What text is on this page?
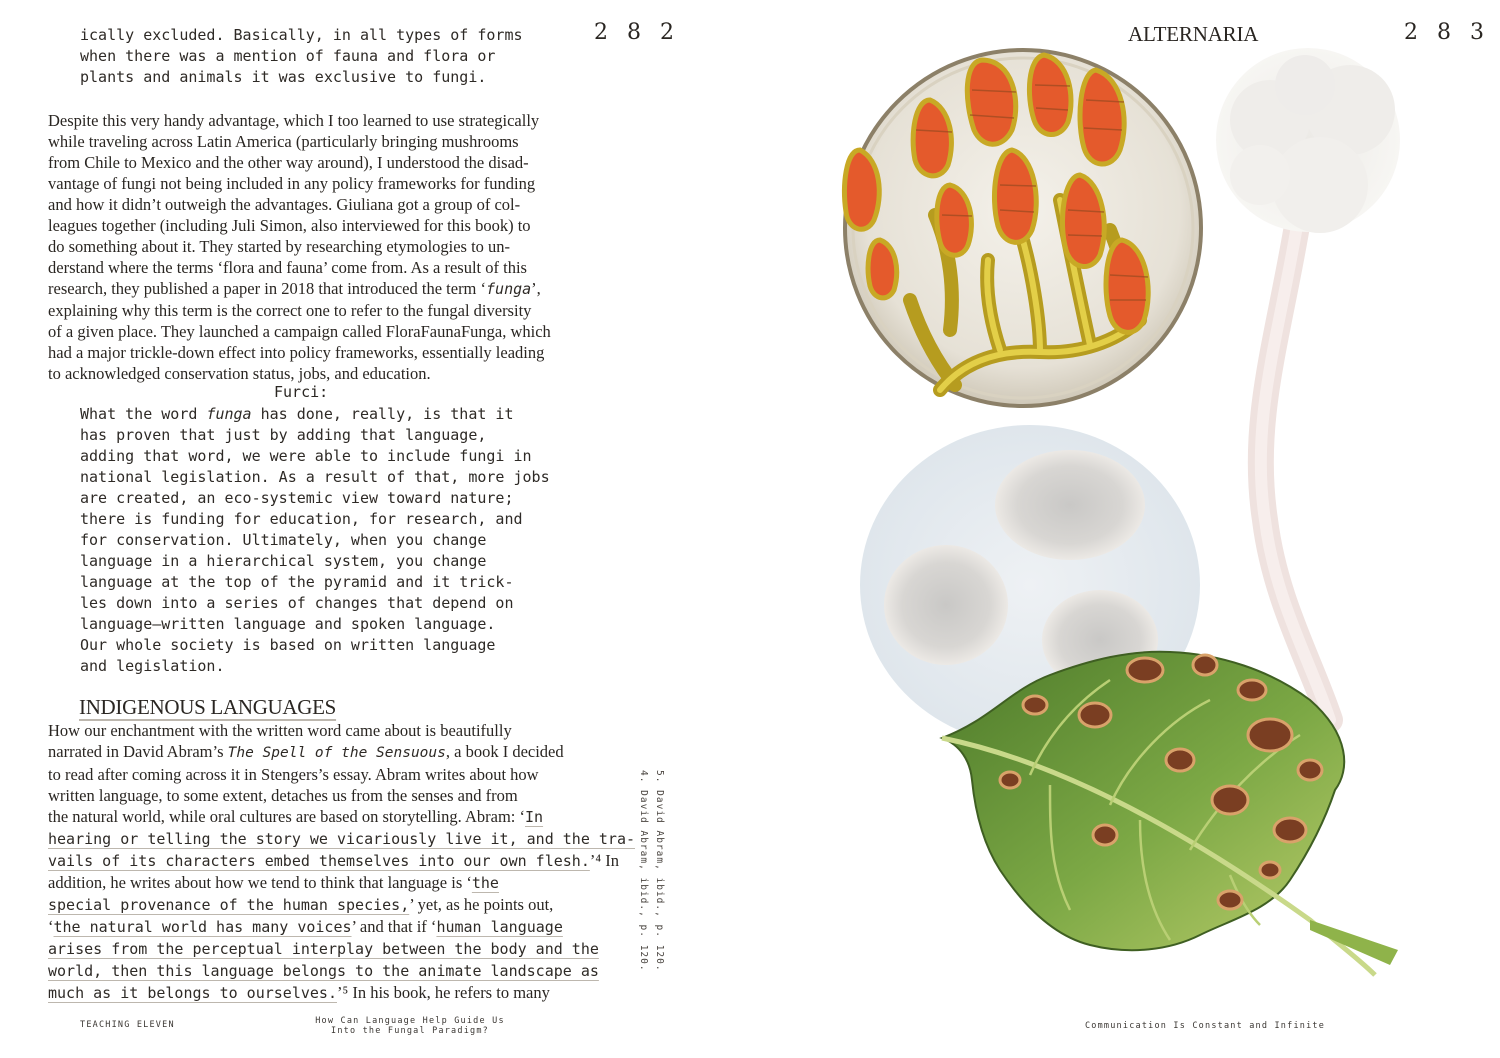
2 8 2

ically excluded. Basically, in all types of forms

when there was a mention of fauna and flora or

plants and animals it was exclusive to fungi.

Despite this very handy advantage, which I too learned to use strategically

while traveling across Latin America (particularly bringing mushrooms

from Chile to Mexico and the other way around), I understood the disad-

vantage of fungi not being included in any policy frameworks for funding

and how it didn’t outweigh the advantages. Giuliana got a group of col-

leagues together (including Juli Simon, also interviewed for this book) to

do something about it. They started by researching etymologies to un-

derstand where the terms ‘flora and fauna’ come from. As a result of this

research, they published a paper in 2018 that introduced the term ‘funga’,

explaining why this term is the correct one to refer to the fungal diversity

of a given place. They launched a campaign called FloraFaunaFunga, which

had a major trickle-down effect into policy frameworks, essentially leading

to acknowledged conservation status, jobs, and education.

Furci:

What the word funga has done, really, is that it

has proven that just by adding that language,

adding that word, we were able to include fungi in

national legislation. As a result of that, more jobs

are created, an eco-systemic view toward nature;

there is funding for education, for research, and

for conservation. Ultimately, when you change

language in a hierarchical system, you change

language at the top of the pyramid and it trick-

les down into a series of changes that depend on

language—written language and spoken language.

Our whole society is based on written language

and legislation.

INDIGENOUS LANGUAGES

How our enchantment with the written word came about is beautifully

narrated in David Abram’s The Spell of the Sensuous, a book I decided

to read after coming across it in Stengers’s essay. Abram writes about how

written language, to some extent, detaches us from the senses and from

the natural world, while oral cultures are based on storytelling. Abram: ‘In

hearing or telling the story we vicariously live it, and the tra-

vails of its characters embed themselves into our own flesh.’⁴ In

addition, he writes about how we tend to think that language is ‘the

special provenance of the human species,’ yet, as he points out,

‘the natural world has many voices’ and that if ‘human language

arises from the perceptual interplay between the body and the

world, then this language belongs to the animate landscape as

much as it belongs to ourselves.’⁵ In his book, he refers to many

5. David Abram, ibid., p. 120.
4. David Abram, ibid., p. 120.
TEACHING ELEVEN	How Can Language Help Guide Us
Into the Fungal Paradigm?
ALTERNARIA	2 8 3
Communication Is Constant and Infinite
